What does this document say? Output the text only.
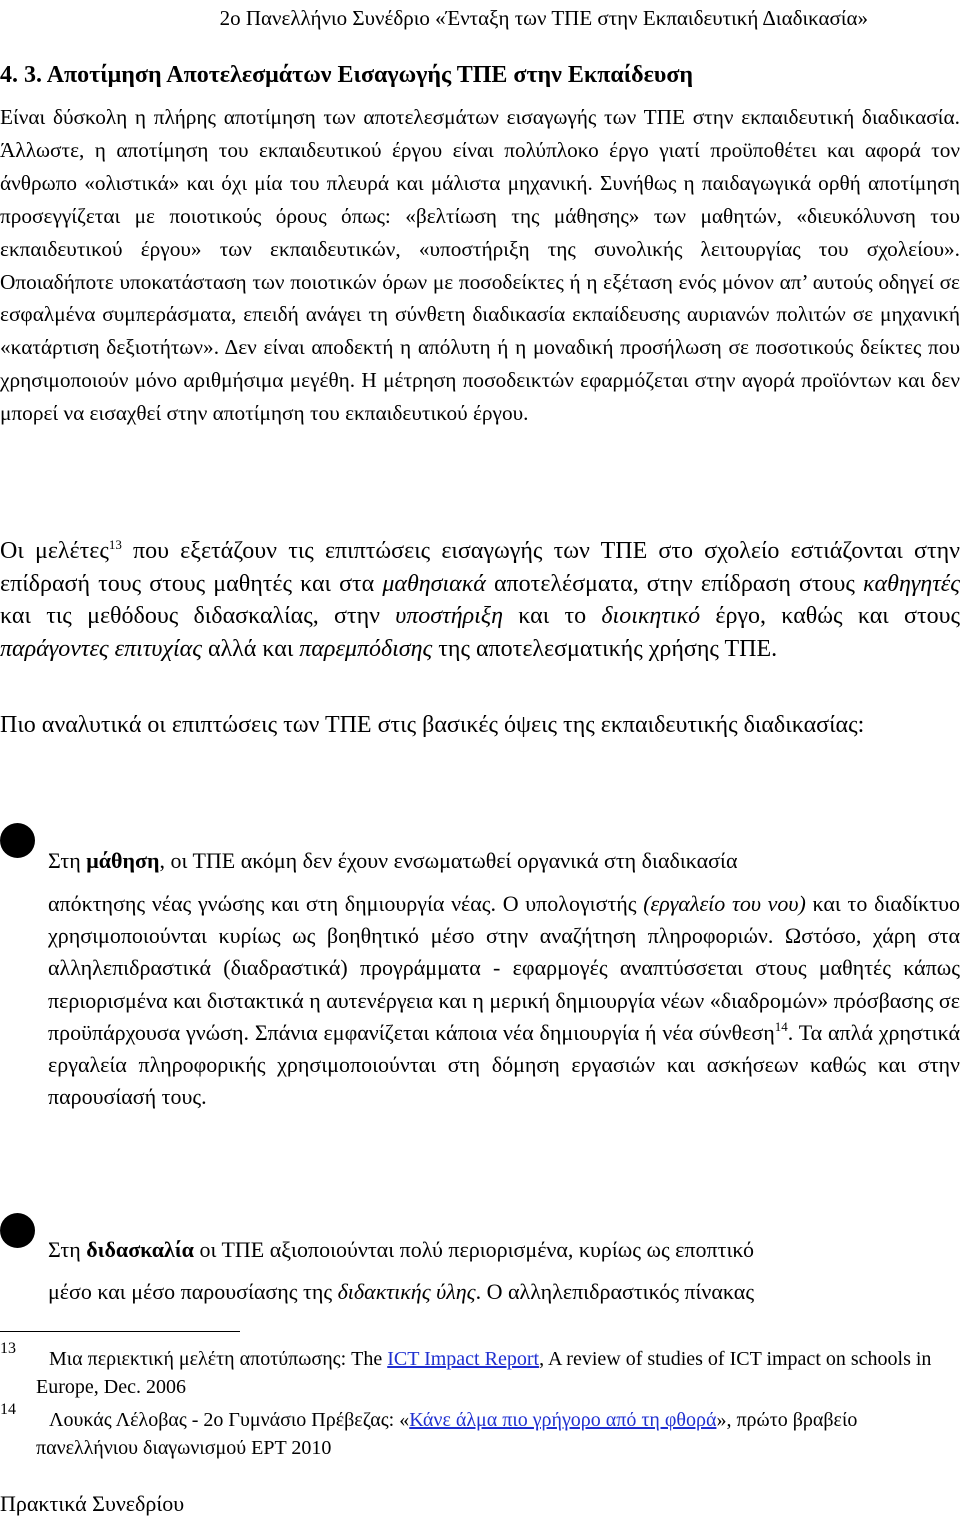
2ο Πανελλήνιο Συνέδριο «Ένταξη των ΤΠΕ στην Εκπαιδευτική Διαδικασία»
4. 3. Αποτίμηση Αποτελεσμάτων Εισαγωγής ΤΠΕ στην Εκπαίδευση
Είναι δύσκολη η πλήρης αποτίμηση των αποτελεσμάτων εισαγωγής των ΤΠΕ στην εκπαιδευτική διαδικασία. Άλλωστε, η αποτίμηση του εκπαιδευτικού έργου είναι πολύπλοκο έργο γιατί προϋποθέτει και αφορά τον άνθρωπο «ολιστικά» και όχι μία του πλευρά και μάλιστα μηχανική. Συνήθως η παιδαγωγικά ορθή αποτίμηση προσεγγίζεται με ποιοτικούς όρους όπως: «βελτίωση της μάθησης» των μαθητών, «διευκόλυνση του εκπαιδευτικού έργου» των εκπαιδευτικών, «υποστήριξη της συνολικής λειτουργίας του σχολείου». Οποιαδήποτε υποκατάσταση των ποιοτικών όρων με ποσοδείκτες ή η εξέταση ενός μόνον απ’ αυτούς οδηγεί σε εσφαλμένα συμπεράσματα, επειδή ανάγει τη σύνθετη διαδικασία εκπαίδευσης αυριανών πολιτών σε μηχανική «κατάρτιση δεξιοτήτων». Δεν είναι αποδεκτή η απόλυτη ή η μοναδική προσήλωση σε ποσοτικούς δείκτες που χρησιμοποιούν μόνο αριθμήσιμα μεγέθη. Η μέτρηση ποσοδεικτών εφαρμόζεται στην αγορά προϊόντων και δεν μπορεί να εισαχθεί στην αποτίμηση του εκπαιδευτικού έργου.
Οι μελέτες$^{13}$ που εξετάζουν τις επιπτώσεις εισαγωγής των ΤΠΕ στο σχολείο εστιάζονται στην επίδρασή τους στους μαθητές και στα μαθησιακά αποτελέσματα, στην επίδραση στους καθηγητές και τις μεθόδους διδασκαλίας, στην υποστήριξη και το διοικητικό έργο, καθώς και στους παράγοντες επιτυχίας αλλά και παρεμπόδισης της αποτελεσματικής χρήσης ΤΠΕ.
Πιο αναλυτικά οι επιπτώσεις των ΤΠΕ στις βασικές όψεις της εκπαιδευτικής διαδικασίας:
Στη μάθηση, οι ΤΠΕ ακόμη δεν έχουν ενσωματωθεί οργανικά στη διαδικασία
απόκτησης νέας γνώσης και στη δημιουργία νέας. Ο υπολογιστής (εργαλείο του νου) και το διαδίκτυο χρησιμοποιούνται κυρίως ως βοηθητικό μέσο στην αναζήτηση πληροφοριών. Ωστόσο, χάρη στα αλληλεπιδραστικά (διαδραστικά) προγράμματα - εφαρμογές αναπτύσσεται στους μαθητές κάπως περιορισμένα και διστακτικά η αυτενέργεια και η μερική δημιουργία νέων «διαδρομών» πρόσβασης σε προϋπάρχουσα γνώση. Σπάνια εμφανίζεται κάποια νέα δημιουργία ή νέα σύνθεση$^{14}$. Τα απλά χρηστικά εργαλεία πληροφορικής χρησιμοποιούνται στη δόμηση εργασιών και ασκήσεων καθώς και στην παρουσίασή τους.
Στη διδασκαλία οι ΤΠΕ αξιοποιούνται πολύ περιορισμένα, κυρίως ως εποπτικό
μέσο και μέσο παρουσίασης της διδακτικής ύλης. Ο αλληλεπιδραστικός πίνακας
13	Μια περιεκτική μελέτη αποτύπωσης: The ICT Impact Report, A review of studies of ICT impact on schools in Europe, Dec. 2006
14	Λουκάς Λέλοβας - 2ο Γυμνάσιο Πρέβεζας: «Κάνε άλμα πιο γρήγορο από τη φθορά», πρώτο βραβείο πανελλήνιου διαγωνισμού ΕΡΤ 2010
Πρακτικά Συνεδρίου
